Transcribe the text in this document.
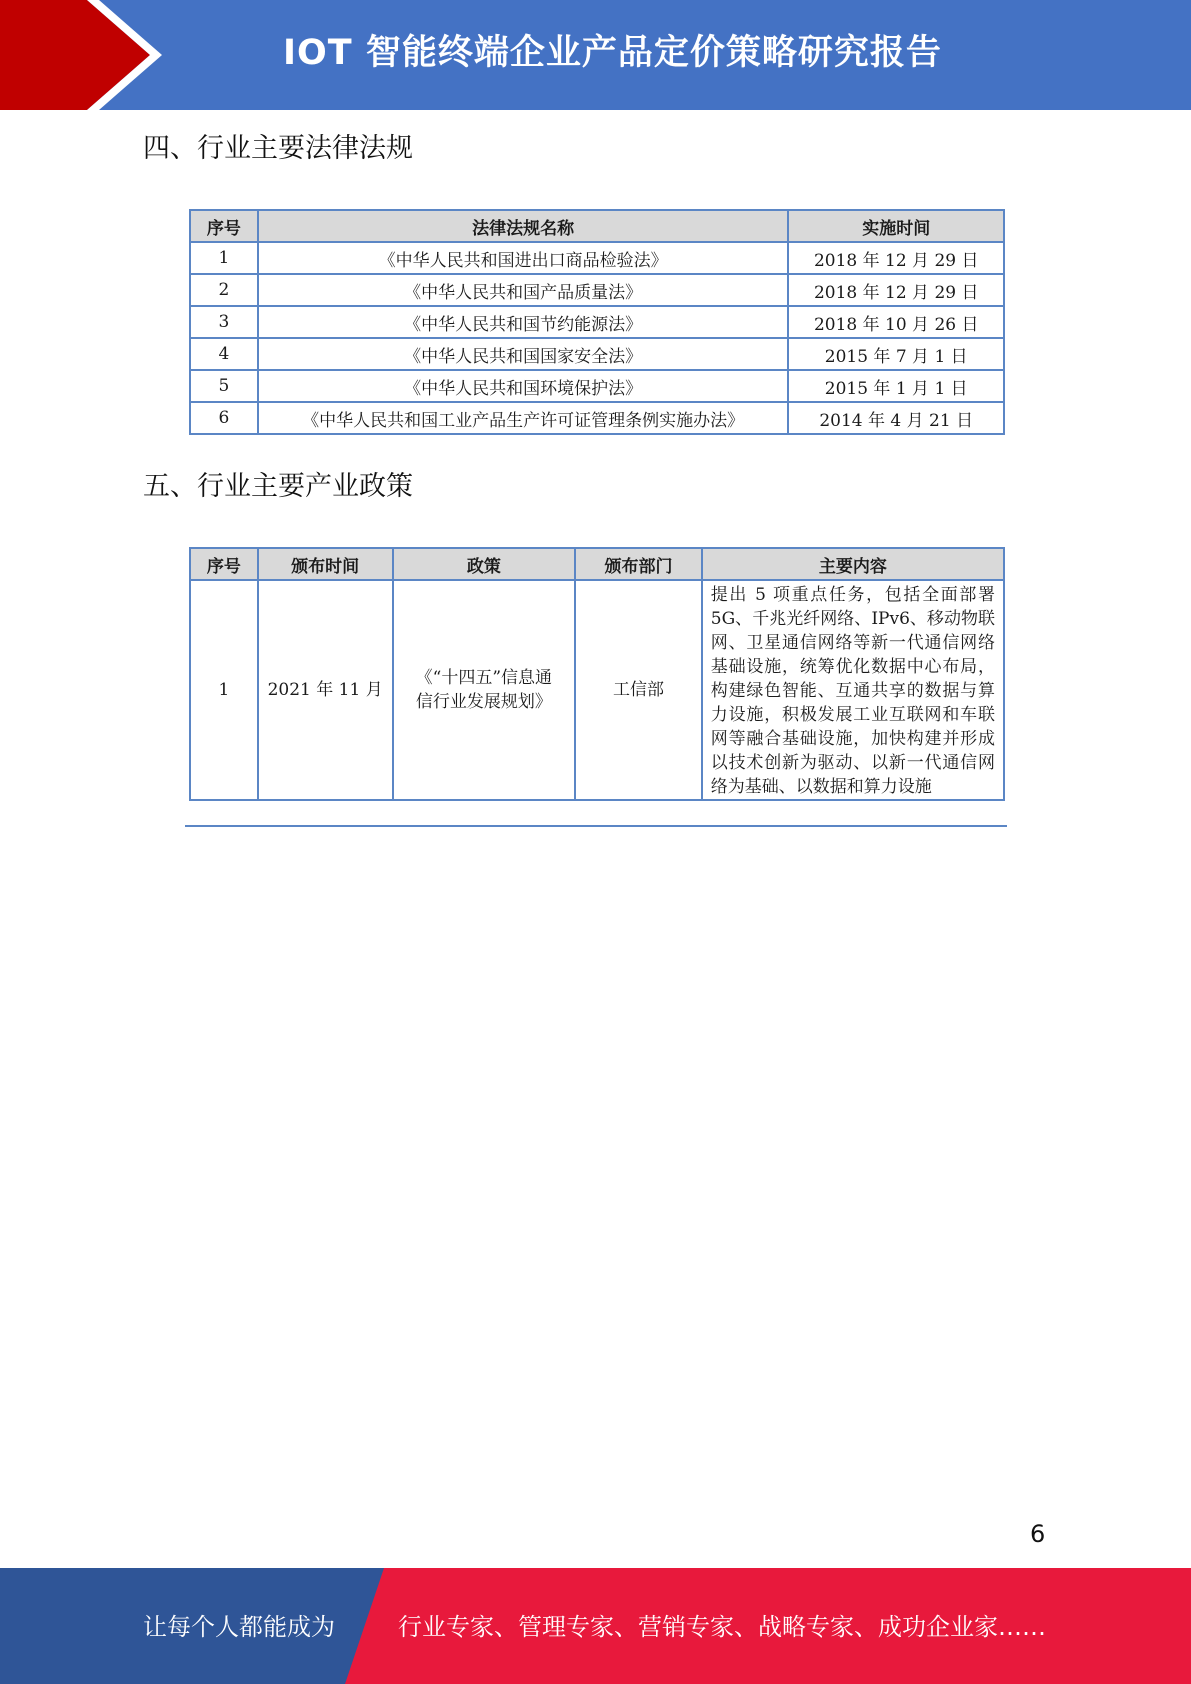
IOT 智能终端企业产品定价策略研究报告
四、行业主要法律法规
序号	法律法规名称	实施时间
1	《中华人民共和国进出口商品检验法》	2018 年 12 月 29 日
2	《中华人民共和国产品质量法》	2018 年 12 月 29 日
3	《中华人民共和国节约能源法》	2018 年 10 月 26 日
4	《中华人民共和国国家安全法》	2015 年 7 月 1 日
5	《中华人民共和国环境保护法》	2015 年 1 月 1 日
6	《中华人民共和国工业产品生产许可证管理条例实施办法》	2014 年 4 月 21 日
五、行业主要产业政策
序号	颁布时间	政策	颁布部门	主要内容
1	2021 年 11 月	《“十四五”信息通信行业发展规划》	工信部	提出 5 项重点任务，包括全面部署 5G、千兆光纤网络、IPv6、移动物联网、卫星通信网络等新一代通信网络基础设施，统筹优化数据中心布局，构建绿色智能、互通共享的数据与算力设施，积极发展工业互联网和车联网等融合基础设施，加快构建并形成以技术创新为驱动、以新一代通信网络为基础、以数据和算力设施
6
让每个人都能成为	行业专家、管理专家、营销专家、战略专家、成功企业家……
